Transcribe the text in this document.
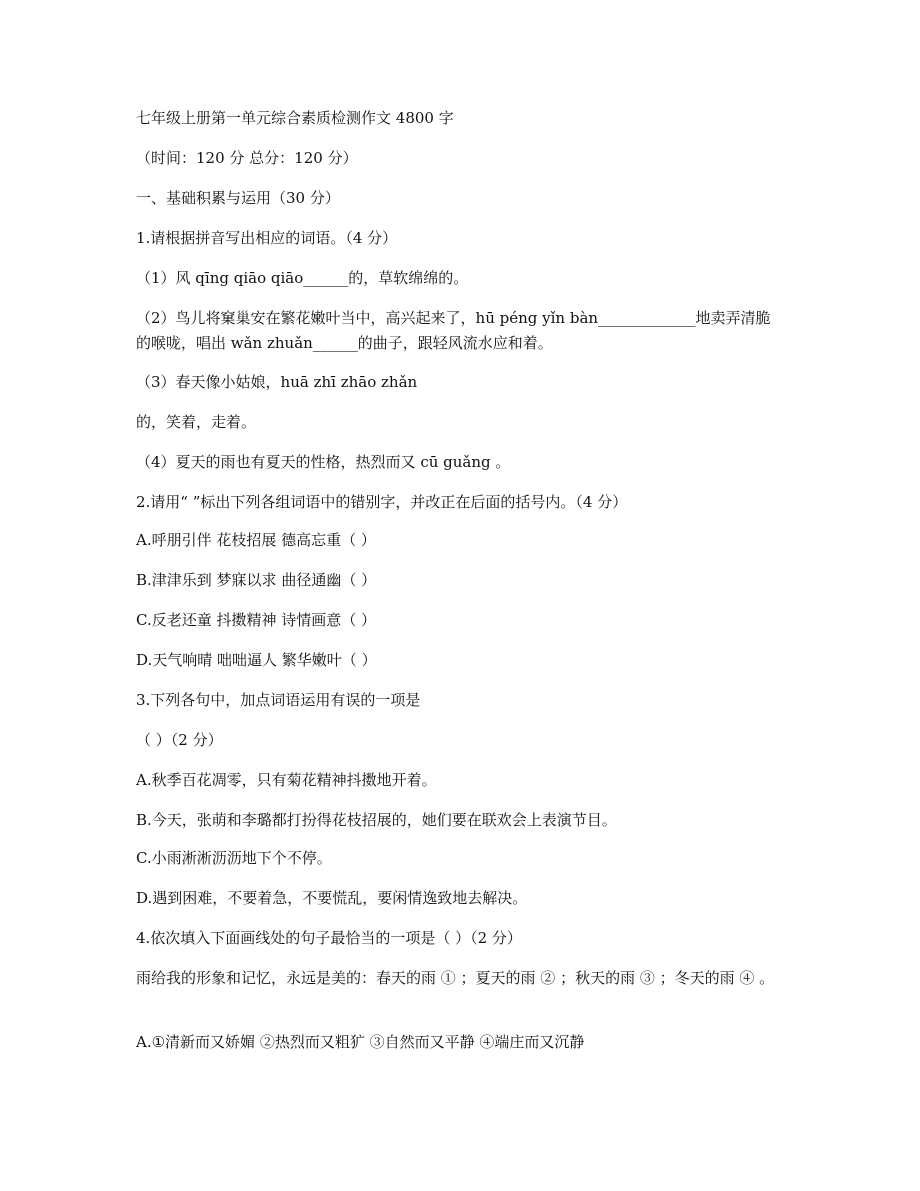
七年级上册第一单元综合素质检测作文 4800 字
（时间：120 分 总分：120 分）
一、基础积累与运用（30 分）
1.请根据拼音写出相应的词语。（4 分）
（1）风 qīng qiāo qiāo______的，草软绵绵的。
（2）鸟儿将窠巢安在繁花嫩叶当中，高兴起来了，hū péng yǐn bàn_____________地卖弄清脆的喉咙，唱出 wǎn zhuǎn______的曲子，跟轻风流水应和着。
（3）春天像小姑娘，huā zhī zhāo zhǎn
的，笑着，走着。
（4）夏天的雨也有夏天的性格，热烈而又 cū guǎng 。
2.请用“ ”标出下列各组词语中的错别字，并改正在后面的括号内。（4 分）
A.呼朋引伴 花枝招展 德高忘重（ ）
B.津津乐到 梦寐以求 曲径通幽（ ）
C.反老还童 抖擞精神 诗情画意（ ）
D.天气响晴 咄咄逼人 繁华嫩叶（ ）
3.下列各句中，加点词语运用有误的一项是
（ ）（2 分）
A.秋季百花凋零，只有菊花精神抖擞地开着。
B.今天，张萌和李璐都打扮得花枝招展的，她们要在联欢会上表演节目。
C.小雨淅淅沥沥地下个不停。
D.遇到困难，不要着急，不要慌乱，要闲情逸致地去解决。
4.依次填入下面画线处的句子最恰当的一项是（ ）（2 分）
雨给我的形象和记忆，永远是美的：春天的雨 ① ；夏天的雨 ② ；秋天的雨 ③ ；冬天的雨 ④ 。
A.①清新而又娇媚 ②热烈而又粗犷 ③自然而又平静 ④端庄而又沉静
